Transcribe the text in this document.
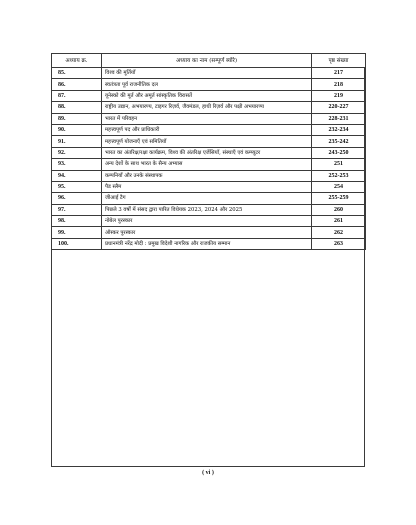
अध्याय क्र.	अध्याय का नाम (सम्पूर्ण ब्योरे)	पृष्ठ संख्या
85.	विश्व की मूर्तियाँ	217
86.	स्वतंत्रता पूर्व राजनीतिक दल	218
87.	यूनेस्को की मूर्त और अमूर्त सांस्कृतिक विरासतें	219
88.	राष्ट्रीय उद्यान, अभयारण्य, टाइगर रिज़र्व, जैवमंडल, हाथी रिज़र्व और पक्षी अभयारण्य	220-227
89.	भारत में परिवहन	228-231
90.	महत्त्वपूर्ण पद और प्राधिकारी	232-234
91.	महत्त्वपूर्ण योजनाएँ एवं समितियाँ	235-242
92.	भारत का अंतरिक्ष/रक्षा कार्यक्रम, विश्व की अंतरिक्ष एजेंसियाँ, संस्थाएँ एवं कम्प्यूटर	243-250
93.	अन्य देशों के साथ भारत के सैन्य अभ्यास	251
94.	कम्पनियाँ और उनके संस्थापक	252-253
95.	पैड स्लैम	254
96.	जीआई टैग	255-259
97.	पिछले 3 वर्षों में संसद द्वारा पारित विधेयक 2023, 2024 और 2025	260
98.	नोबेल पुरस्कार	261
99.	ऑस्कर पुरस्कार	262
100.	प्रधानमंत्री नरेंद्र मोदी : प्रमुख विदेशी नागरिक और राजकीय सम्मान	263
( vi )
